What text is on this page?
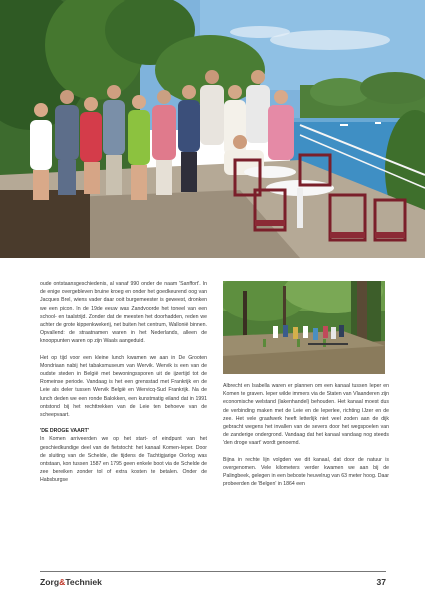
oude ontstaansgeschiedenis, al vanaf 990 onder de naam 'Sanffort'. In de enige overgebleven bruine kroeg en onder het goedkeurend oog van Jacques Brel, wiens vader daar ooit burgemeester is geweest, dronken we een picon. In de 19de eeuw was Zandvoorde het toneel van een school- en taalstrijd. Zonder dat de meesten het doorhadden, reden we achter de grote kippenkwekerij, net buiten het centrum, Wallonië binnen. Opvallend: de straatnamen waren in het Nederlands, alleen de knooppunten waren op zijn Waals aangeduid.

Het op tijd voor een kleine lunch kwamen we aan in De Grooten Mondriaan nabij het tabaksmuseum van Wervik. Wervik is een van de oudste steden in België met bewoningssporen uit de ijzertijd tot de Romeinse periode. Vandaag is het een grensstad met Frankrijk en de Leie als deler tussen Wervik België en Wervicq-Sud Frankrijk. Na de lunch deden we een ronde Balokken, een kunstmatig eiland dat in 1991 ontstond bij het rechttrekken van de Leie ten behoeve van de scheepvaart.

'DE DROGE VAART'

In Komen arriveerden we op het start- of eindpunt van het geschiedkundige deel van de fietstocht: het kanaal Komen-Ieper. Door de sluiting van de Schelde, die tijdens de Tachtigjarige Oorlog was ontstaan, kon tussen 1587 en 1795 geen enkele boot via de Schelde de zee bereiken zonder tol of extra kosten te betalen. Onder de Habsburgse

Albrecht en Isabella waren er plannen om een kanaal tussen Ieper en Komen te graven. Ieper wilde immers via de Staten van Vlaanderen zijn economische welstand (lakenhandel) behouden. Het kanaal moest dus de verbinding maken met de Leie en de Ieperlee, richting IJzer en de zee. Het vele graafwerk heeft letterlijk niet veel zoden aan de dijk gebracht wegens het invallen van de severs door het wegspoelen van de zanderige ondergrond. Vandaag dat het kanaal vandaag nog steeds 'den droge vaart' wordt genoemd.

Bijna in rechte lijn volgden we dit kanaal, dat door de natuur is overgenomen. Vele kilometers verder kwamen we aan bij de Palingbeek, gelegen in een beboste heuvelrug van 63 meter hoog. Daar probeerden de 'Belgen' in 1864 een

Zorg&Techniek	37
